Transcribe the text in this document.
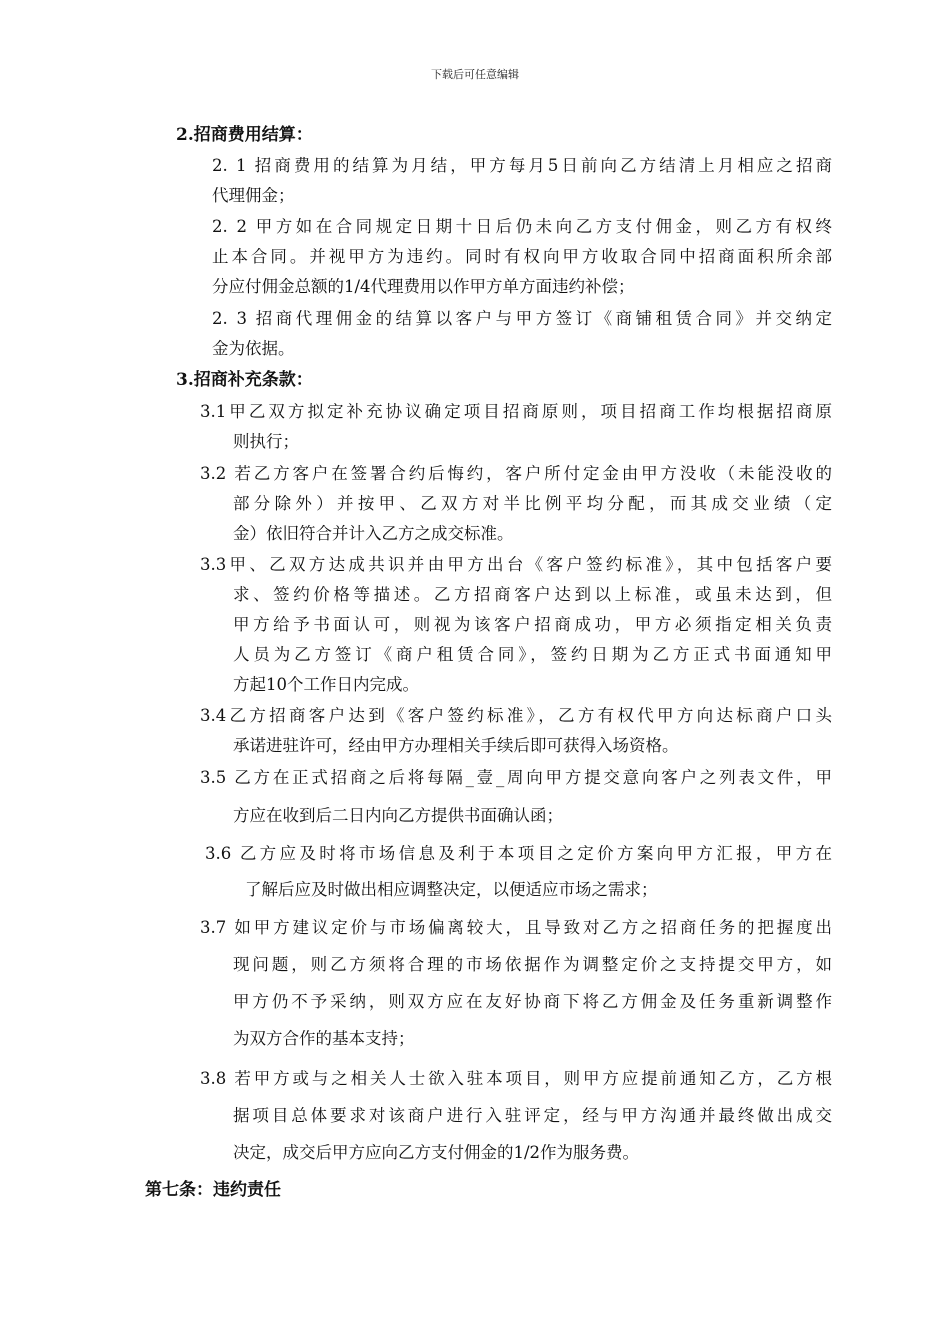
下载后可任意编辑
2.招商费用结算：
2. 1 招商费用的结算为月结，甲方每月5日前向乙方结清上月相应之招商
代理佣金；
2. 2 甲方如在合同规定日期十日后仍未向乙方支付佣金，则乙方有权终
止本合同。并视甲方为违约。同时有权向甲方收取合同中招商面积所余部
分应付佣金总额的1/4代理费用以作甲方单方面违约补偿；
2. 3 招商代理佣金的结算以客户与甲方签订《商铺租赁合同》并交纳定
金为依据。
3.招商补充条款：
3.1甲乙双方拟定补充协议确定项目招商原则，项目招商工作均根据招商原
则执行；
3.2 若乙方客户在签署合约后悔约，客户所付定金由甲方没收（未能没收的
部分除外）并按甲、乙双方对半比例平均分配，而其成交业绩（定
金）依旧符合并计入乙方之成交标准。
3.3甲、乙双方达成共识并由甲方出台《客户签约标准》，其中包括客户要
求、签约价格等描述。乙方招商客户达到以上标准，或虽未达到，但
甲方给予书面认可，则视为该客户招商成功，甲方必须指定相关负责
人员为乙方签订《商户租赁合同》，签约日期为乙方正式书面通知甲
方起10个工作日内完成。
3.4乙方招商客户达到《客户签约标准》，乙方有权代甲方向达标商户口头
承诺进驻许可，经由甲方办理相关手续后即可获得入场资格。
3.5 乙方在正式招商之后将每隔_壹_周向甲方提交意向客户之列表文件，甲
方应在收到后二日内向乙方提供书面确认函；
3.6 乙方应及时将市场信息及利于本项目之定价方案向甲方汇报，甲方在
了解后应及时做出相应调整决定，以便适应市场之需求；
3.7 如甲方建议定价与市场偏离较大，且导致对乙方之招商任务的把握度出
现问题，则乙方须将合理的市场依据作为调整定价之支持提交甲方，如
甲方仍不予采纳，则双方应在友好协商下将乙方佣金及任务重新调整作
为双方合作的基本支持；
3.8 若甲方或与之相关人士欲入驻本项目，则甲方应提前通知乙方，乙方根
据项目总体要求对该商户进行入驻评定，经与甲方沟通并最终做出成交
决定，成交后甲方应向乙方支付佣金的1/2作为服务费。
第七条：违约责任
